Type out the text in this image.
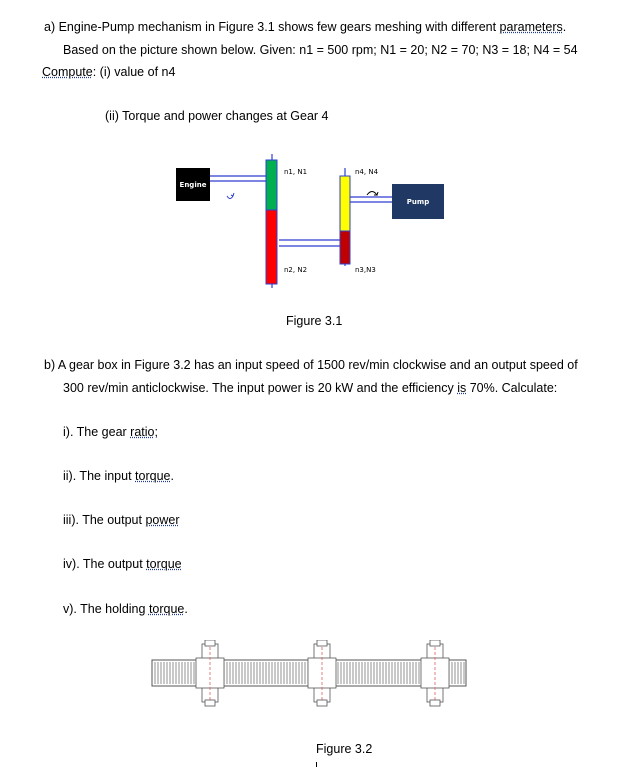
a) Engine-Pump mechanism in Figure 3.1 shows few gears meshing with different parameters.
Based on the picture shown below. Given: n1 = 500 rpm; N1 = 20; N2 = 70; N3 = 18; N4 = 54
Compute: (i) value of n4
(ii) Torque and power changes at Gear 4
Engine
Pump
n1, N1
n2, N2	n3,N3
n4, N4
Figure 3.1
b) A gear box in Figure 3.2 has an input speed of 1500 rev/min clockwise and an output speed of
300 rev/min anticlockwise. The input power is 20 kW and the efficiency is 70%. Calculate:
i). The gear ratio;
ii). The input torque.
iii). The output power
iv). The output torque
v). The holding torque.
Figure 3.2
